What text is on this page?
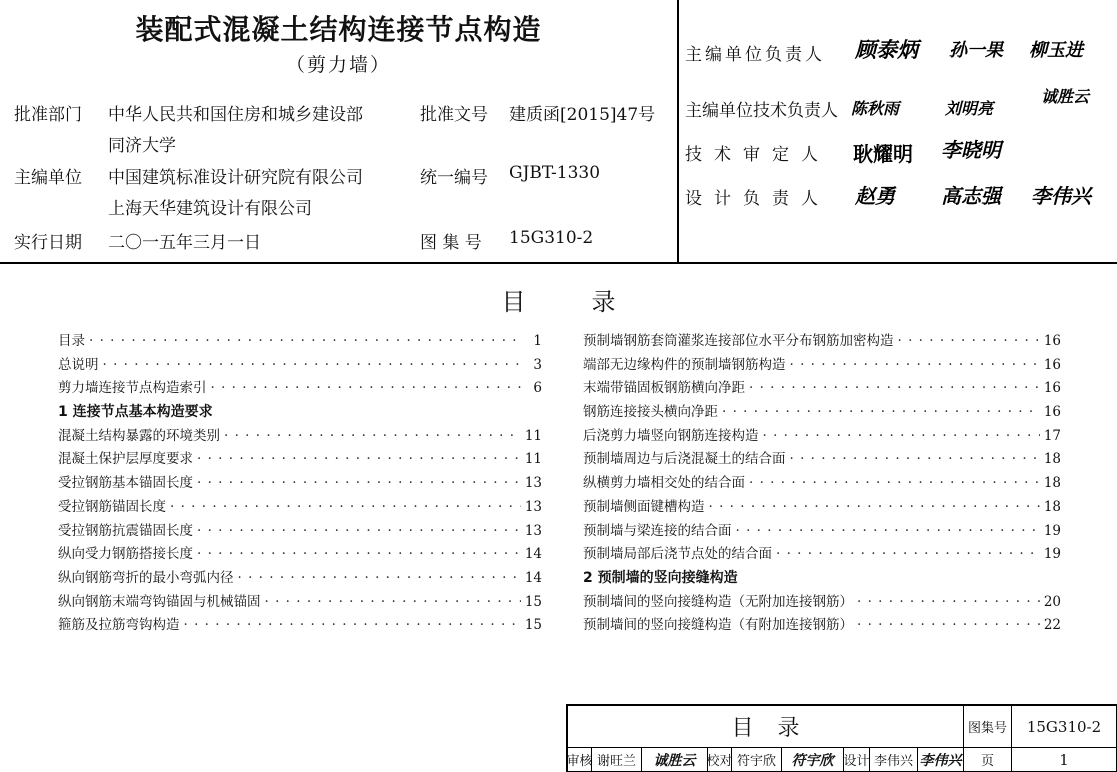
装配式混凝土结构连接节点构造
（剪力墙）
批准部门 中华人民共和国住房和城乡建设部	批准文号 建质函[2015]47号
同济大学
主编单位 中国建筑标准设计研究院有限公司	统一编号 GJBT-1330
上海天华建筑设计有限公司
实行日期 二〇一五年三月一日	图 集 号 15G310-2
主编单位负责人 顾泰炳 孙一果 柳玉进
主编单位技术负责人 陈秋雨	刘明亮
诚胜云
技术审定人 耿耀明 李晓明
设计负责人 赵勇 高志强 李伟兴
目录
目录 · · ·	1
总说明 · · ·	3
剪力墙连接节点构造索引 · · ·	6
1 连接节点基本构造要求
混凝土结构暴露的环境类别 · · ·	11
混凝土保护层厚度要求 · · ·	11
受拉钢筋基本锚固长度 · · ·	13
受拉钢筋锚固长度 · · ·	13
受拉钢筋抗震锚固长度 · · ·	13
纵向受力钢筋搭接长度 · · ·	14
纵向钢筋弯折的最小弯弧内径 · · ·	14
纵向钢筋末端弯钩锚固与机械锚固 · · ·	15
箍筋及拉筋弯钩构造 · · ·	15
预制墙钢筋套筒灌浆连接部位水平分布钢筋加密构造 · · ·	16
端部无边缘构件的预制墙钢筋构造 · · ·	16
末端带锚固板钢筋横向净距 · · ·	16
钢筋连接接头横向净距 · · ·	16
后浇剪力墙竖向钢筋连接构造 · · ·	17
预制墙周边与后浇混凝土的结合面 · · ·	18
纵横剪力墙相交处的结合面 · · ·	18
预制墙侧面键槽构造 · · ·	18
预制墙与梁连接的结合面 · · ·	19
预制墙局部后浇节点处的结合面 · · ·	19
2 预制墙的竖向接缝构造
预制墙间的竖向接缝构造（无附加连接钢筋） · · ·	20
预制墙间的竖向接缝构造（有附加连接钢筋） · · ·	22
目录	图集号	15G310-2
审核 谢旺兰	诚胜云 校对 符宇欣	符宇欣 设计 李伟兴 李伟兴	页	1
